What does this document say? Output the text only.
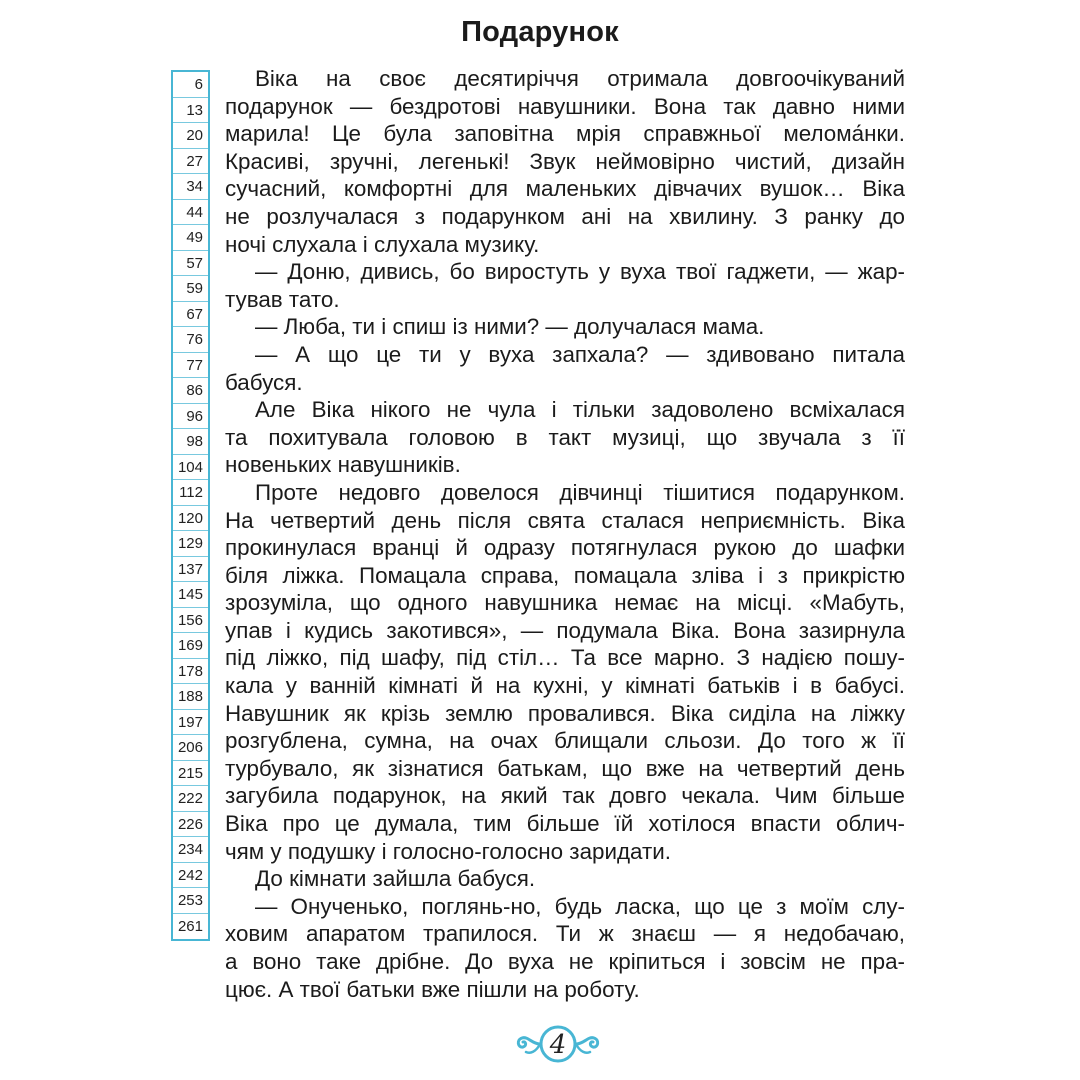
Подарунок
6
13
20
27
34
44
49
57
59
67
76
77
86
96
98
104
112
120
129
137
145
156
169
178
188
197
206
215
222
226
234
242
253
261
Віка на своє десятиріччя отримала довгоочікуваний
подарунок — бездротові навушники. Вона так давно ними
марила! Це була заповітна мрія справжньої мелома́нки.
Красиві, зручні, легенькі! Звук неймовірно чистий, дизайн
сучасний, комфортні для маленьких дівчачих вушок… Віка
не розлучалася з подарунком ані на хвилину. З ранку до
ночі слухала і слухала музику.
— Доню, дивись, бо виростуть у вуха твої гаджети, — жар-
тував тато.
— Люба, ти і спиш із ними? — долучалася мама.
— А що це ти у вуха запхала? — здивовано питала
бабуся.
Але Віка нікого не чула і тільки задоволено всміхалася
та похитувала головою в такт музиці, що звучала з її
новеньких навушників.
Проте недовго довелося дівчинці тішитися подарунком.
На четвертий день після свята сталася неприємність. Віка
прокинулася вранці й одразу потягнулася рукою до шафки
біля ліжка. Помацала справа, помацала зліва і з прикрістю
зрозуміла, що одного навушника немає на місці. «Мабуть,
упав і кудись закотився», — подумала Віка. Вона зазирнула
під ліжко, під шафу, під стіл… Та все марно. З надією пошу-
кала у ванній кімнаті й на кухні, у кімнаті батьків і в бабусі.
Навушник як крізь землю провалився. Віка сиділа на ліжку
розгублена, сумна, на очах блищали сльози. До того ж її
турбувало, як зізнатися батькам, що вже на четвертий день
загубила подарунок, на який так довго чекала. Чим більше
Віка про це думала, тим більше їй хотілося впасти облич-
чям у подушку і голосно-голосно заридати.
До кімнати зайшла бабуся.
— Онученько, поглянь-но, будь ласка, що це з моїм слу-
ховим апаратом трапилося. Ти ж знаєш — я недобачаю,
а воно таке дрібне. До вуха не кріпиться і зовсім не пра-
цює. А твої батьки вже пішли на роботу.
4
